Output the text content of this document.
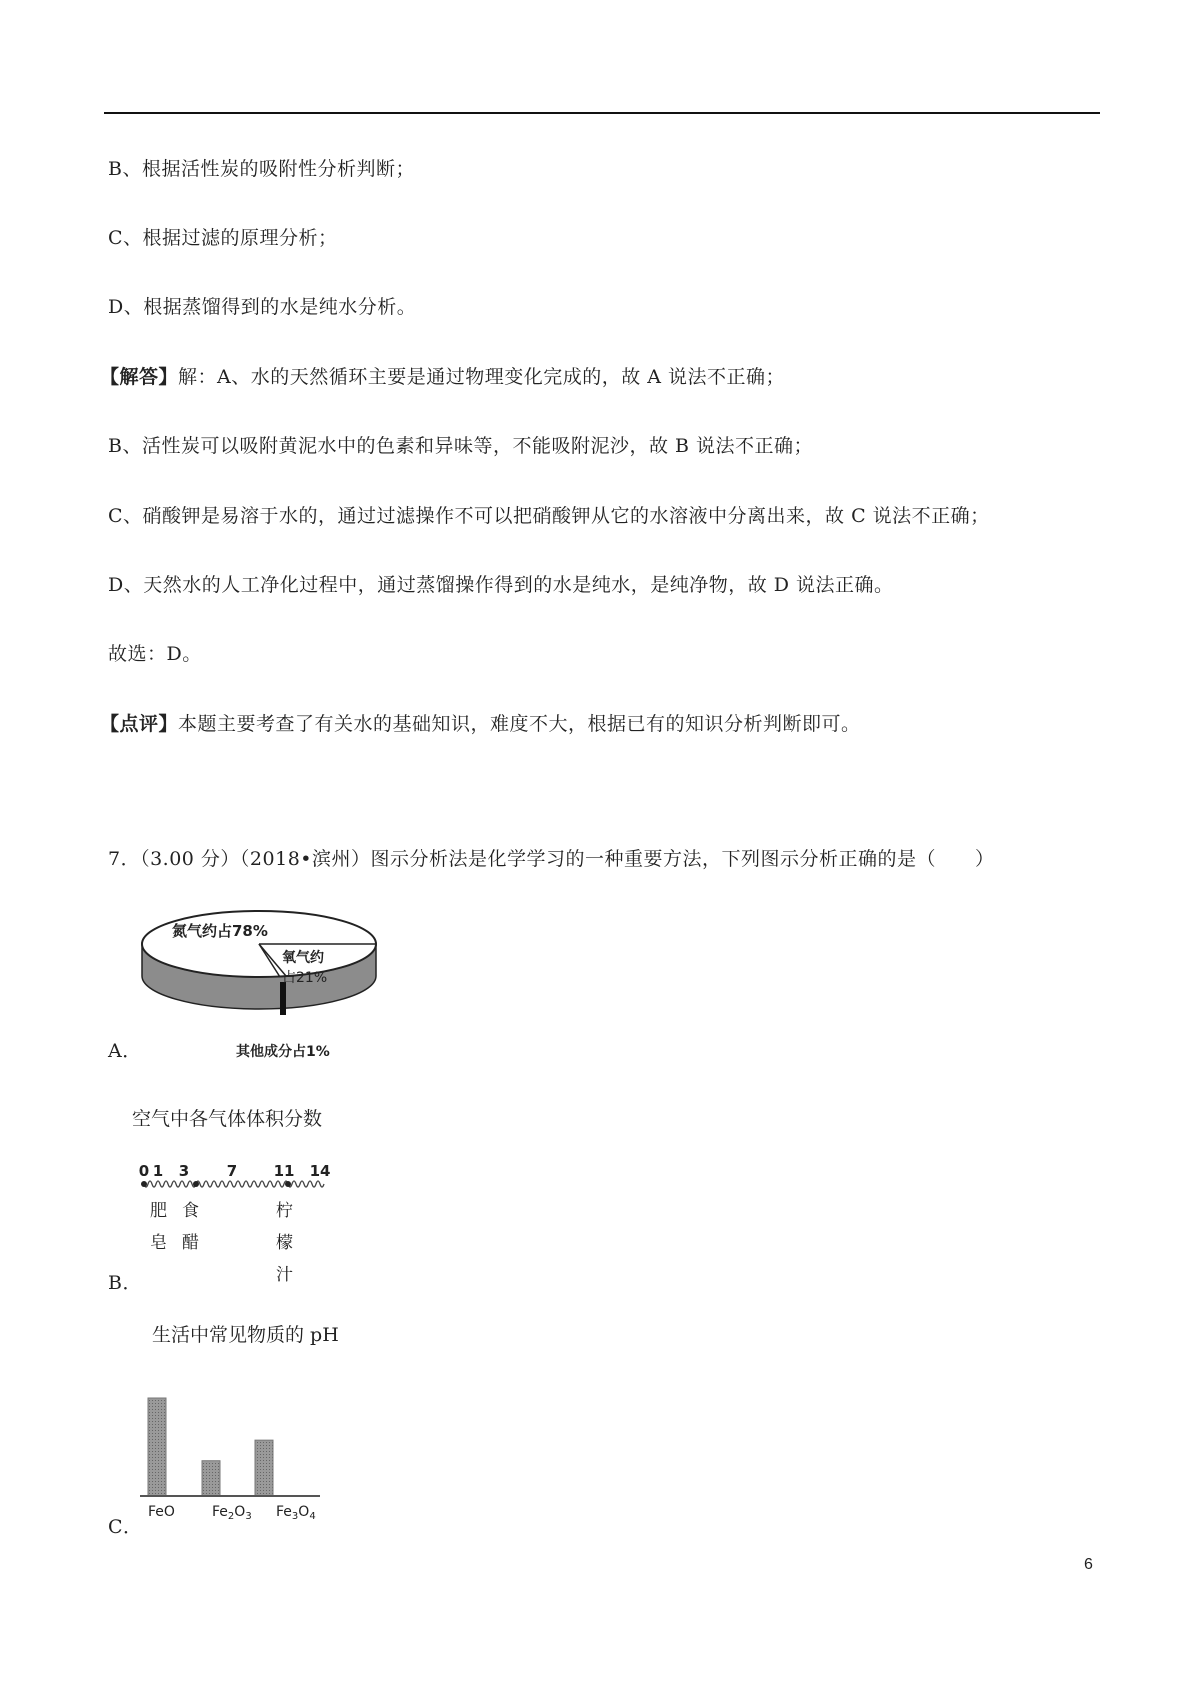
B、根据活性炭的吸附性分析判断；
C、根据过滤的原理分析；
D、根据蒸馏得到的水是纯水分析。
【解答】解：A、水的天然循环主要是通过物理变化完成的，故 A 说法不正确；
B、活性炭可以吸附黄泥水中的色素和异味等，不能吸附泥沙，故 B 说法不正确；
C、硝酸钾是易溶于水的，通过过滤操作不可以把硝酸钾从它的水溶液中分离出来，故 C 说法不正确；
D、天然水的人工净化过程中，通过蒸馏操作得到的水是纯水，是纯净物，故 D 说法正确。
故选：D。
【点评】本题主要考查了有关水的基础知识，难度不大，根据已有的知识分析判断即可。
7．（3.00 分）（2018•滨州）图示分析法是化学学习的一种重要方法，下列图示分析正确的是（　　）
氮气约占78%
氧气约
占21%
其他成分占1%
A．
空气中各气体体积分数
0 1 3	7 11 14
肥
皂
食
醋
柠
檬
汁
B．
生活中常见物质的 pH
FeO	$Fe_2O_3$ $Fe_3O_4$
C．
6
